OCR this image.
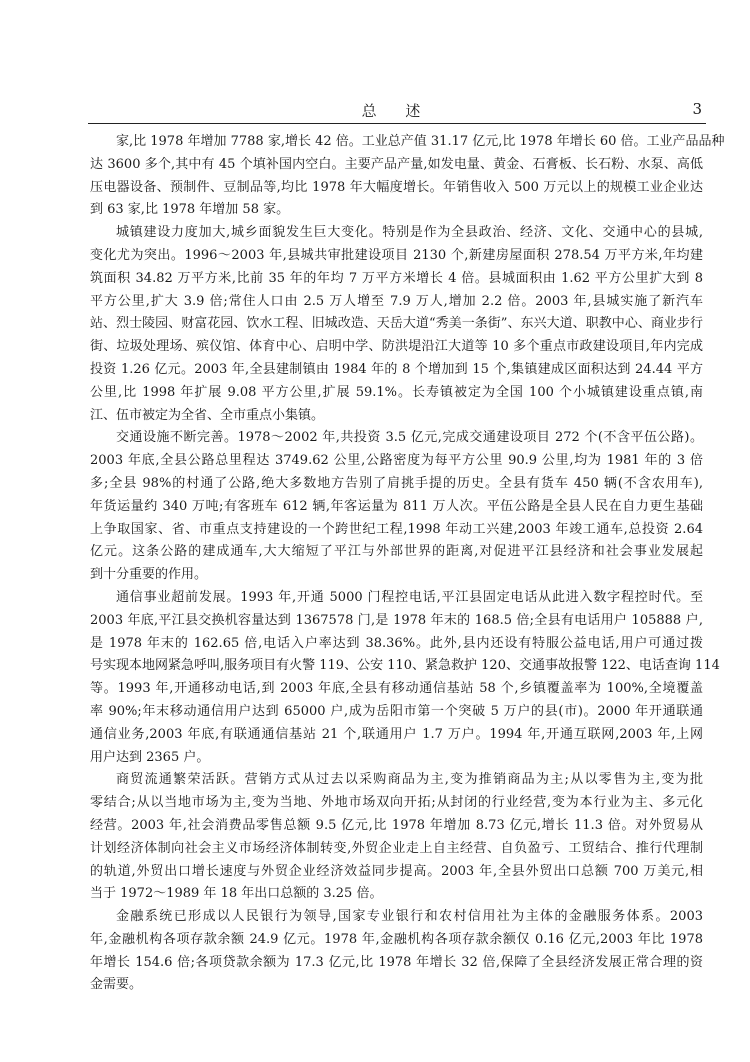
总 述	3
家,比 1978 年增加 7788 家,增长 42 倍。工业总产值 31.17 亿元,比 1978 年增长 60 倍。工业产品品种
达 3600 多个,其中有 45 个填补国内空白。主要产品产量,如发电量、黄金、石膏板、长石粉、水泵、高低
压电器设备、预制件、豆制品等,均比 1978 年大幅度增长。年销售收入 500 万元以上的规模工业企业达
到 63 家,比 1978 年增加 58 家。
城镇建设力度加大,城乡面貌发生巨大变化。特别是作为全县政治、经济、文化、交通中心的县城,
变化尤为突出。1996～2003 年,县城共审批建设项目 2130 个,新建房屋面积 278.54 万平方米,年均建
筑面积 34.82 万平方米,比前 35 年的年均 7 万平方米增长 4 倍。县城面积由 1.62 平方公里扩大到 8
平方公里,扩大 3.9 倍;常住人口由 2.5 万人增至 7.9 万人,增加 2.2 倍。2003 年,县城实施了新汽车
站、烈士陵园、财富花园、饮水工程、旧城改造、天岳大道“秀美一条街”、东兴大道、职教中心、商业步行
街、垃圾处理场、殡仪馆、体育中心、启明中学、防洪堤沿江大道等 10 多个重点市政建设项目,年内完成
投资 1.26 亿元。2003 年,全县建制镇由 1984 年的 8 个增加到 15 个,集镇建成区面积达到 24.44 平方
公里,比 1998 年扩展 9.08 平方公里,扩展 59.1%。长寿镇被定为全国 100 个小城镇建设重点镇,南
江、伍市被定为全省、全市重点小集镇。
交通设施不断完善。1978～2002 年,共投资 3.5 亿元,完成交通建设项目 272 个(不含平伍公路)。
2003 年底,全县公路总里程达 3749.62 公里,公路密度为每平方公里 90.9 公里,均为 1981 年的 3 倍
多;全县 98%的村通了公路,绝大多数地方告别了肩挑手提的历史。全县有货车 450 辆(不含农用车),
年货运量约 340 万吨;有客班车 612 辆,年客运量为 811 万人次。平伍公路是全县人民在自力更生基础
上争取国家、省、市重点支持建设的一个跨世纪工程,1998 年动工兴建,2003 年竣工通车,总投资 2.64
亿元。这条公路的建成通车,大大缩短了平江与外部世界的距离,对促进平江县经济和社会事业发展起
到十分重要的作用。
通信事业超前发展。1993 年,开通 5000 门程控电话,平江县固定电话从此进入数字程控时代。至
2003 年底,平江县交换机容量达到 1367578 门,是 1978 年末的 168.5 倍;全县有电话用户 105888 户,
是 1978 年末的 162.65 倍,电话入户率达到 38.36%。此外,县内还设有特服公益电话,用户可通过拨
号实现本地网紧急呼叫,服务项目有火警 119、公安 110、紧急救护 120、交通事故报警 122、电话查询 114
等。1993 年,开通移动电话,到 2003 年底,全县有移动通信基站 58 个,乡镇覆盖率为 100%,全境覆盖
率 90%;年末移动通信用户达到 65000 户,成为岳阳市第一个突破 5 万户的县(市)。2000 年开通联通
通信业务,2003 年底,有联通通信基站 21 个,联通用户 1.7 万户。1994 年,开通互联网,2003 年,上网
用户达到 2365 户。
商贸流通繁荣活跃。营销方式从过去以采购商品为主,变为推销商品为主;从以零售为主,变为批
零结合;从以当地市场为主,变为当地、外地市场双向开拓;从封闭的行业经营,变为本行业为主、多元化
经营。2003 年,社会消费品零售总额 9.5 亿元,比 1978 年增加 8.73 亿元,增长 11.3 倍。对外贸易从
计划经济体制向社会主义市场经济体制转变,外贸企业走上自主经营、自负盈亏、工贸结合、推行代理制
的轨道,外贸出口增长速度与外贸企业经济效益同步提高。2003 年,全县外贸出口总额 700 万美元,相
当于 1972～1989 年 18 年出口总额的 3.25 倍。
金融系统已形成以人民银行为领导,国家专业银行和农村信用社为主体的金融服务体系。2003
年,金融机构各项存款余额 24.9 亿元。1978 年,金融机构各项存款余额仅 0.16 亿元,2003 年比 1978
年增长 154.6 倍;各项贷款余额为 17.3 亿元,比 1978 年增长 32 倍,保障了全县经济发展正常合理的资
金需要。
